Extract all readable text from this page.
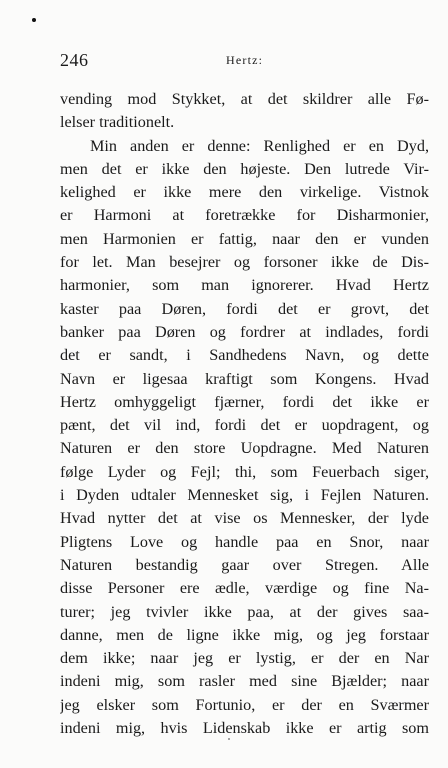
246	Hertz:
vending mod Stykket, at det skildrer alle Fø-
lelser traditionelt.
Min anden er denne: Renlighed er en Dyd,
men det er ikke den højeste. Den lutrede Vir-
kelighed er ikke mere den virkelige. Vistnok
er Harmoni at foretrække for Disharmonier,
men Harmonien er fattig, naar den er vunden
for let. Man besejrer og forsoner ikke de Dis-
harmonier, som man ignorerer. Hvad Hertz
kaster paa Døren, fordi det er grovt, det
banker paa Døren og fordrer at indlades, fordi
det er sandt, i Sandhedens Navn, og dette
Navn er ligesaa kraftigt som Kongens. Hvad
Hertz omhyggeligt fjærner, fordi det ikke er
pænt, det vil ind, fordi det er uopdragent, og
Naturen er den store Uopdragne. Med Naturen
følge Lyder og Fejl; thi, som Feuerbach siger,
i Dyden udtaler Mennesket sig, i Fejlen Naturen.
Hvad nytter det at vise os Mennesker, der lyde
Pligtens Love og handle paa en Snor, naar
Naturen bestandig gaar over Stregen. Alle
disse Personer ere ædle, værdige og fine Na-
turer; jeg tvivler ikke paa, at der gives saa-
danne, men de ligne ikke mig, og jeg forstaar
dem ikke; naar jeg er lystig, er der en Nar
indeni mig, som rasler med sine Bjælder; naar
jeg elsker som Fortunio, er der en Sværmer
indeni mig, hvis Lidenskab ikke er artig som
